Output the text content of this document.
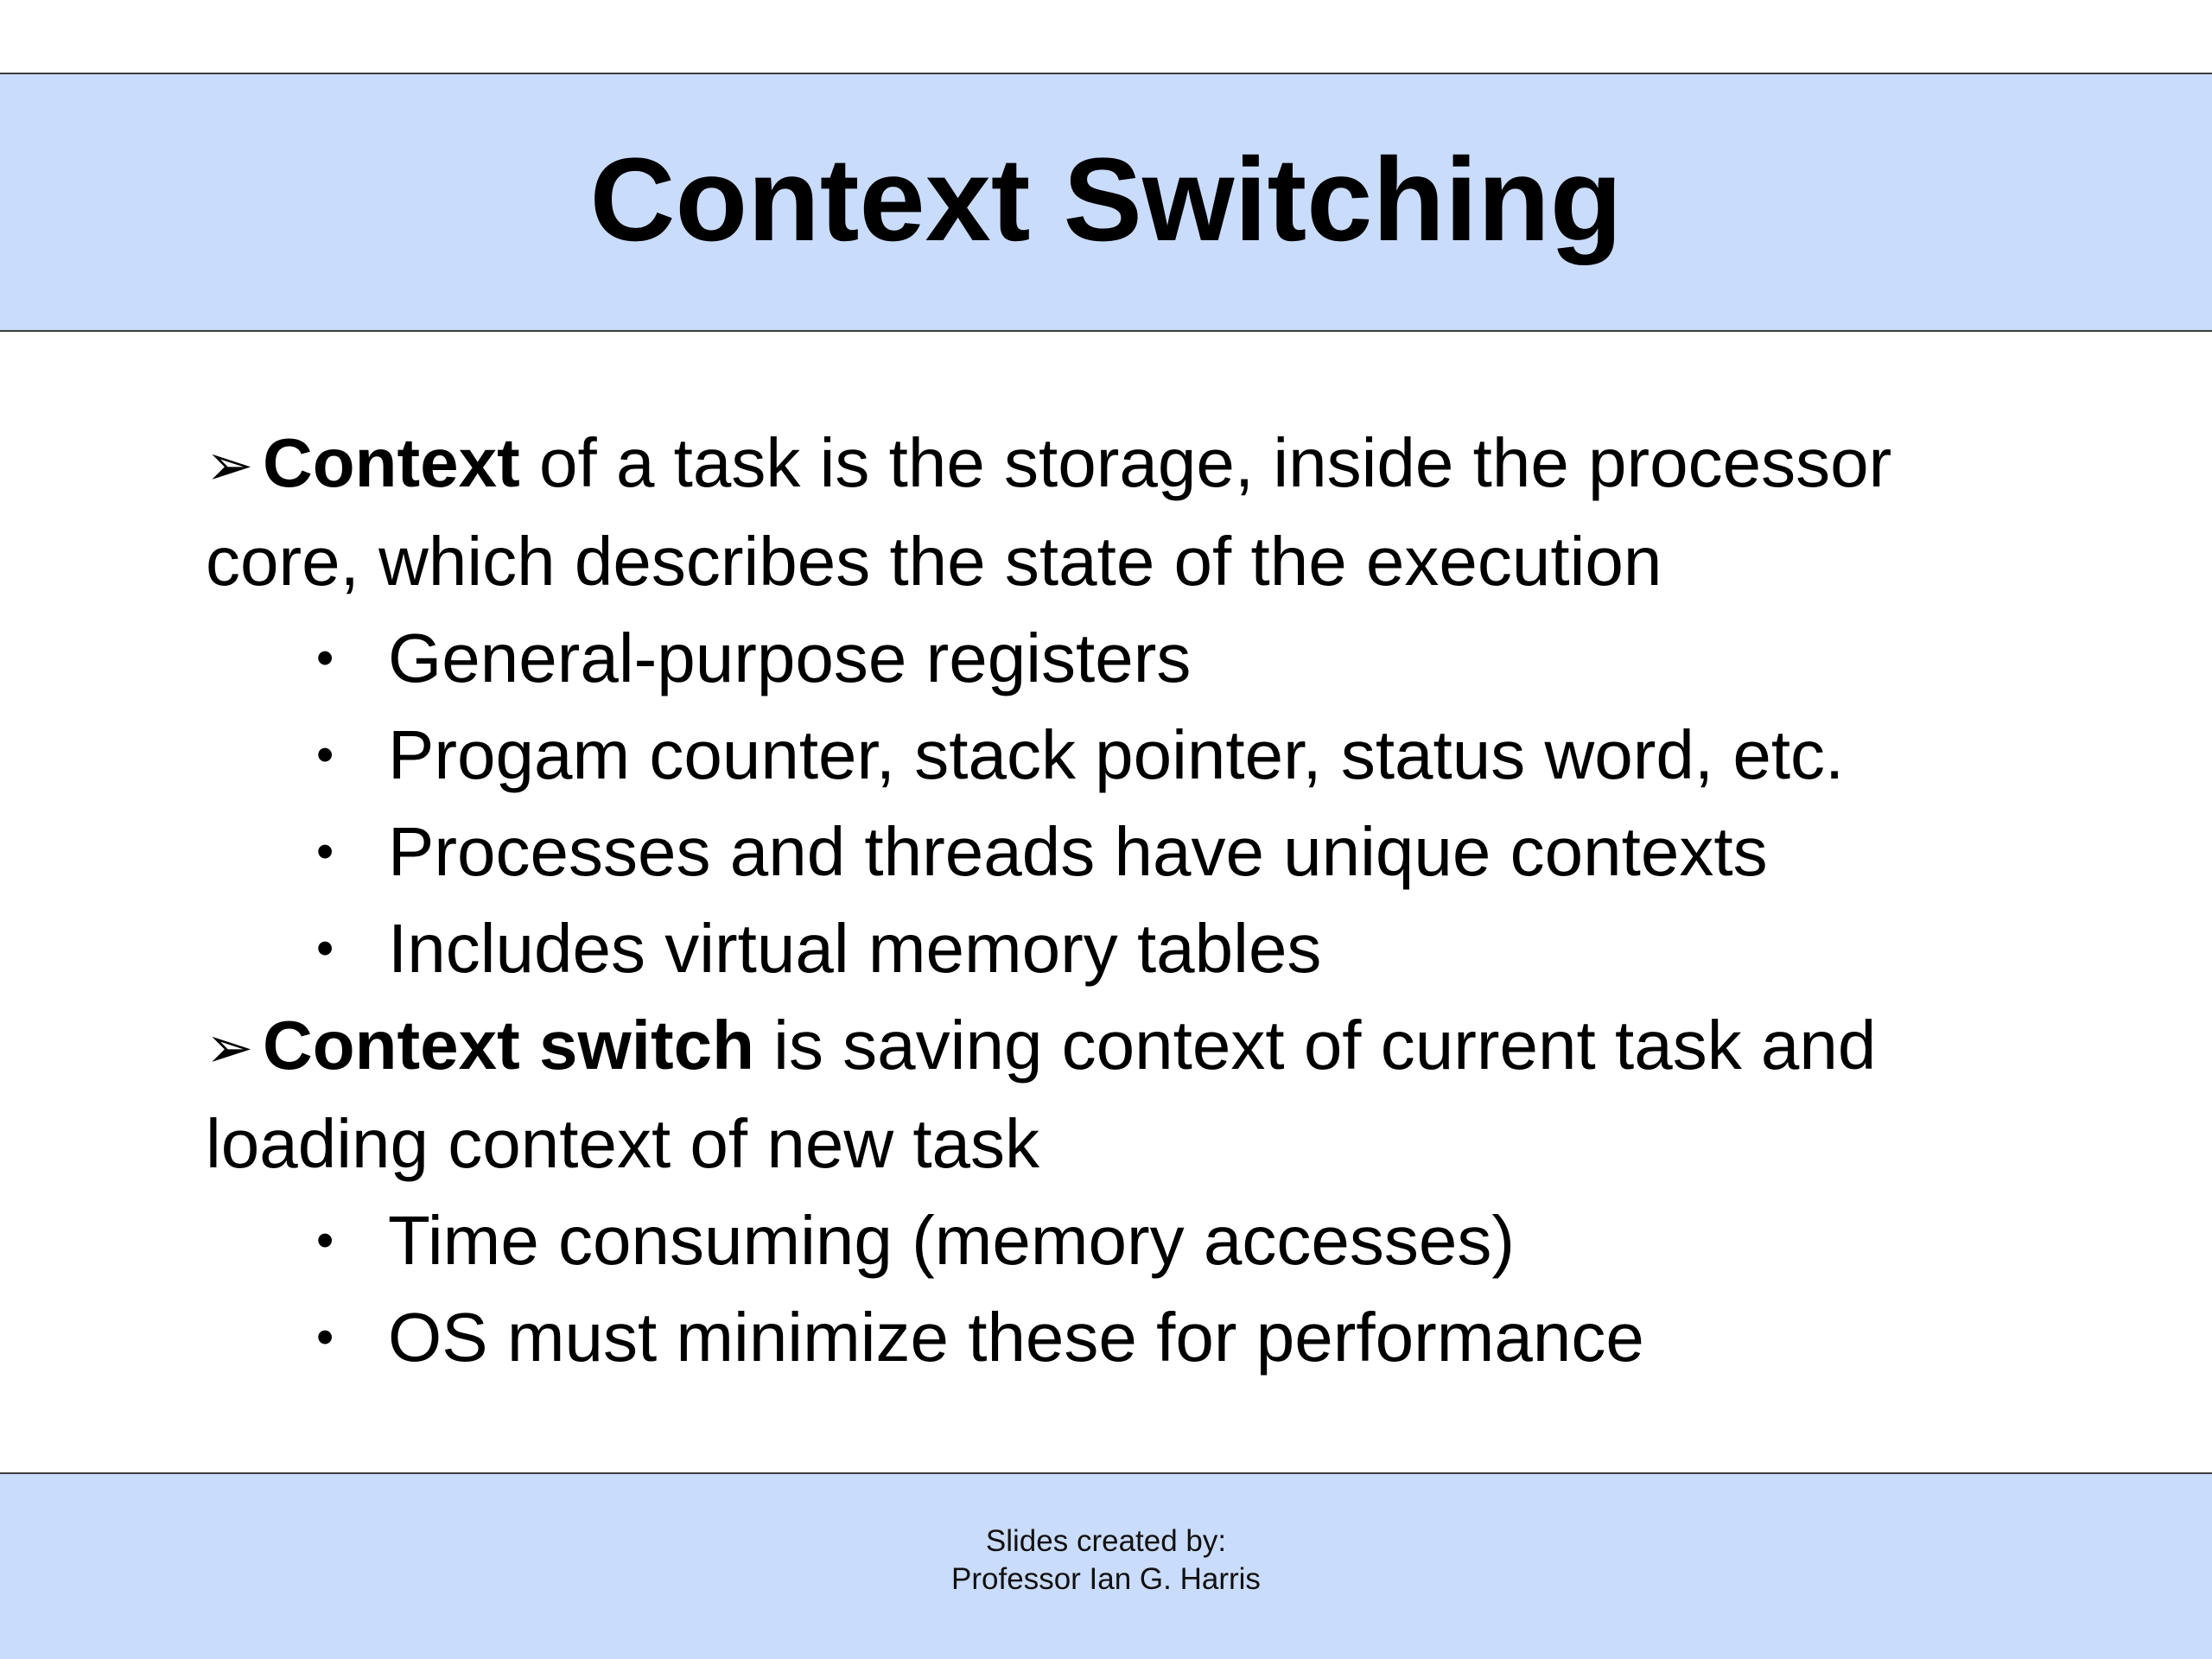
Context Switching

➢ Context of a task is the storage, inside the processor core, which describes the state of the execution

• General-purpose registers

• Progam counter, stack pointer, status word, etc.

• Processes and threads have unique contexts

• Includes virtual memory tables

➢ Context switch is saving context of current task and loading context of new task

• Time consuming (memory accesses)

• OS must minimize these for performance

Slides created by:
Professor Ian G. Harris
